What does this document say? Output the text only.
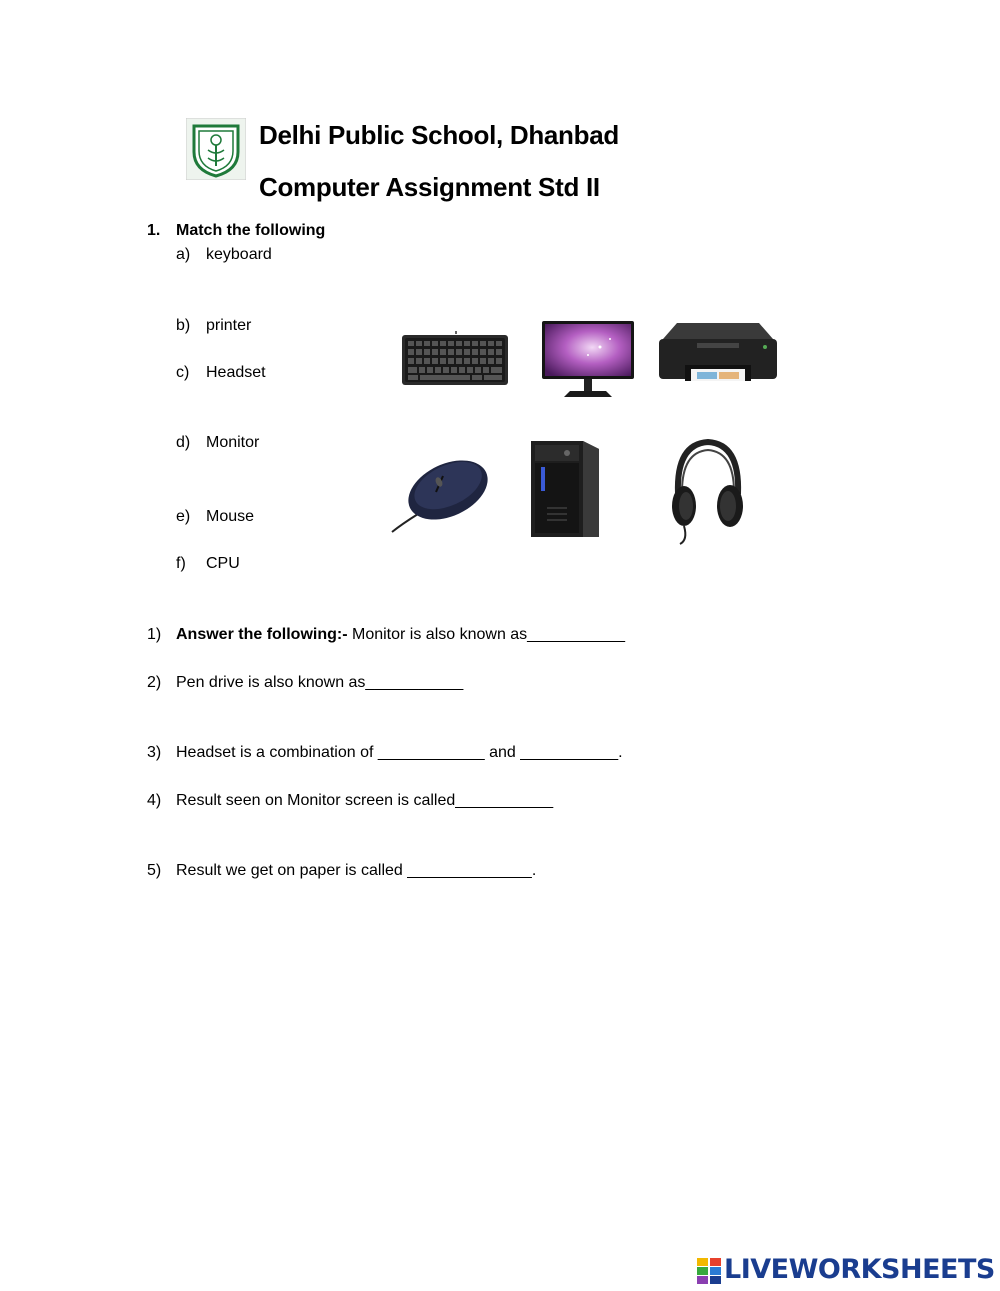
Delhi Public School, Dhanbad
Computer Assignment Std II
1. Match the following
a) keyboard
b) printer
c) Headset
d) Monitor
e) Mouse
f) CPU
1) Answer the following:- Monitor is also known as___________
2) Pen drive is also known as___________
3) Headset is a combination of ____________ and ___________.
4) Result seen on Monitor screen is called___________
5) Result we get on paper is called ______________.
LIVEWORKSHEETS
